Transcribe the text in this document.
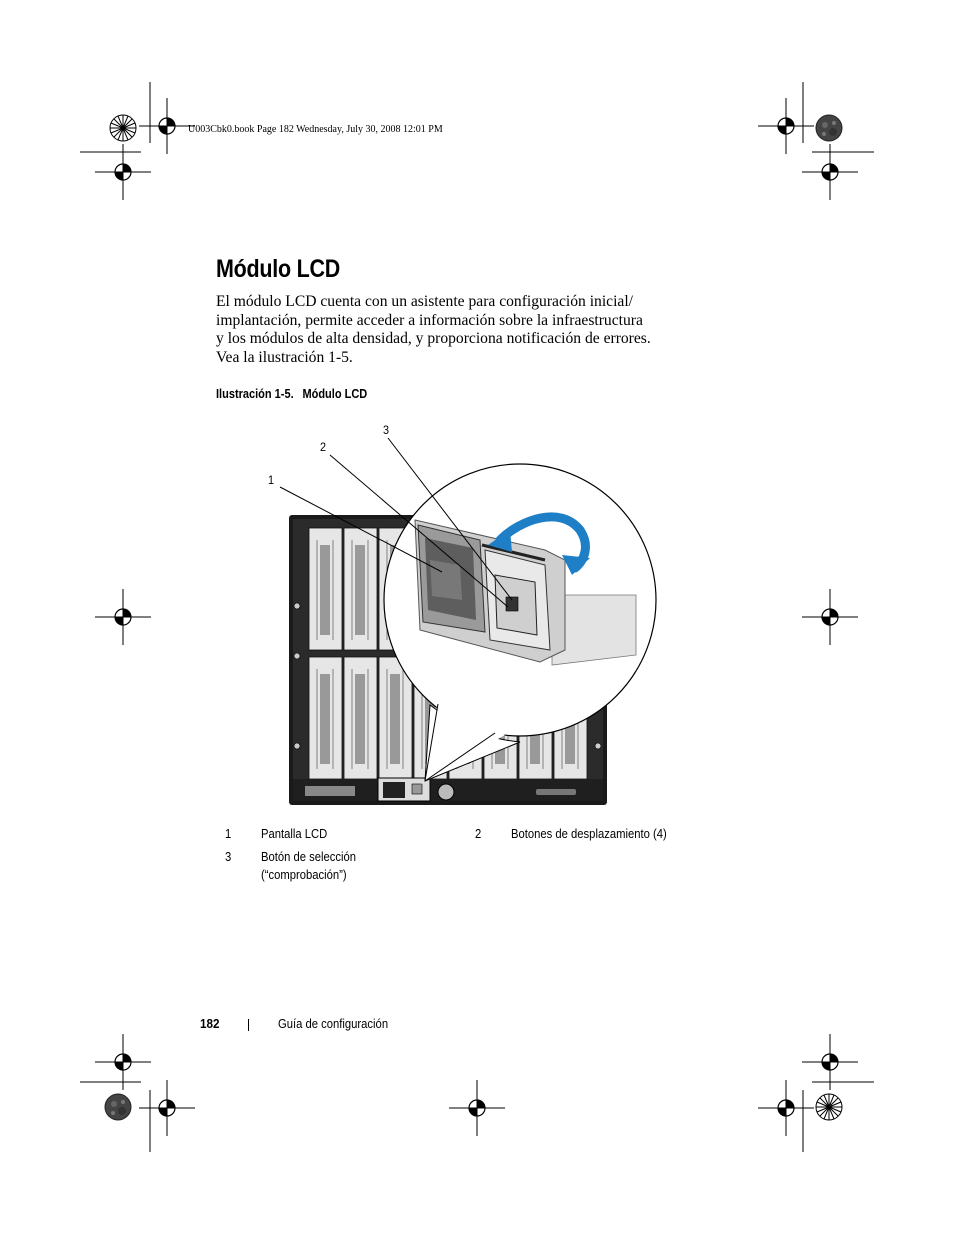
U003Cbk0.book Page 182 Wednesday, July 30, 2008 12:01 PM
Módulo LCD
El módulo LCD cuenta con un asistente para configuración inicial/
implantación, permite acceder a información sobre la infraestructura
y los módulos de alta densidad, y proporciona notificación de errores.
Vea la ilustración 1-5.
Ilustración 1-5. Módulo LCD
1
2
3
1 Pantalla LCD	2 Botones de desplazamiento (4)
3 Botón de selección
(“comprobación”)
182	Guía de configuración
